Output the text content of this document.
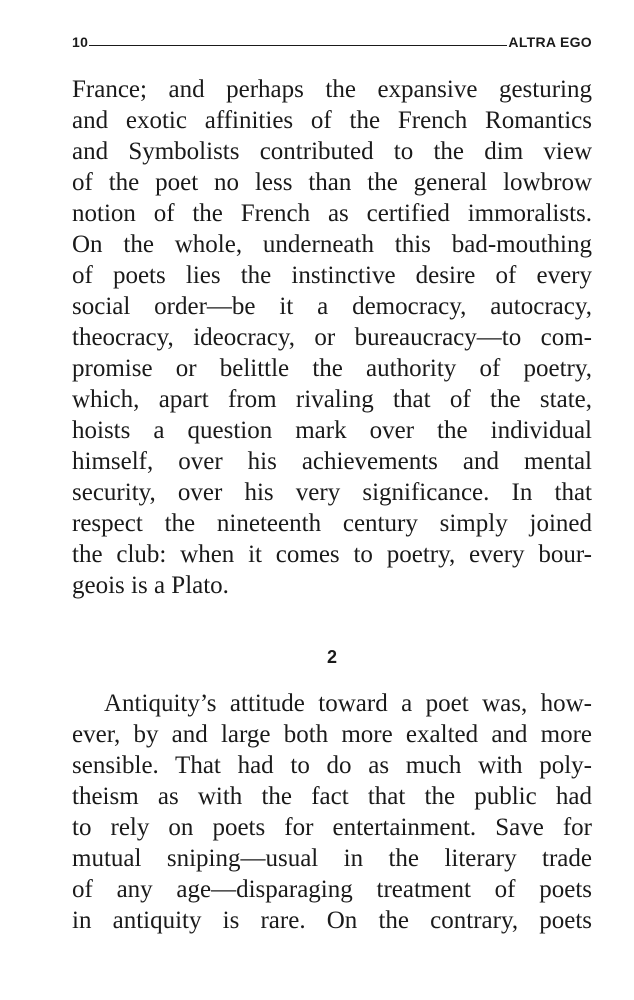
10	ALTRA EGO
France; and perhaps the expansive gesturing
and exotic affinities of the French Romantics
and Symbolists contributed to the dim view
of the poet no less than the general lowbrow
notion of the French as certified immoralists.
On the whole, underneath this bad-mouthing
of poets lies the instinctive desire of every
social order—be it a democracy, autocracy,
theocracy, ideocracy, or bureaucracy—to com-
promise or belittle the authority of poetry,
which, apart from rivaling that of the state,
hoists a question mark over the individual
himself, over his achievements and mental
security, over his very significance. In that
respect the nineteenth century simply joined
the club: when it comes to poetry, every bour-
geois is a Plato.
2
Antiquity’s attitude toward a poet was, how-
ever, by and large both more exalted and more
sensible. That had to do as much with poly-
theism as with the fact that the public had
to rely on poets for entertainment. Save for
mutual sniping—usual in the literary trade
of any age—disparaging treatment of poets
in antiquity is rare. On the contrary, poets
